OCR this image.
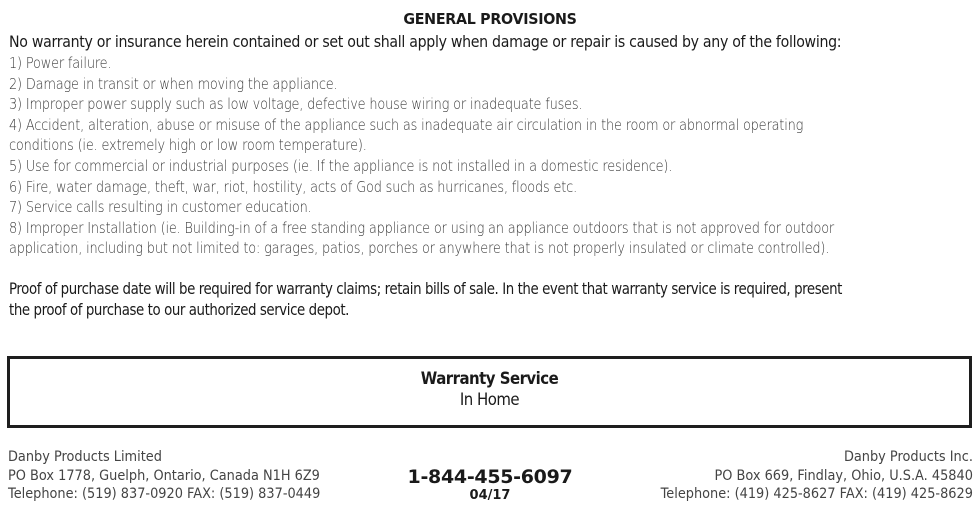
GENERAL PROVISIONS
No warranty or insurance herein contained or set out shall apply when damage or repair is caused by any of the following:
1) Power failure.
2) Damage in transit or when moving the appliance.
3) Improper power supply such as low voltage, defective house wiring or inadequate fuses.
4) Accident, alteration, abuse or misuse of the appliance such as inadequate air circulation in the room or abnormal operating
conditions (ie. extremely high or low room temperature).
5) Use for commercial or industrial purposes (ie. If the appliance is not installed in a domestic residence).
6) Fire, water damage, theft, war, riot, hostility, acts of God such as hurricanes, floods etc.
7) Service calls resulting in customer education.
8) Improper Installation (ie. Building-in of a free standing appliance or using an appliance outdoors that is not approved for outdoor
application, including but not limited to: garages, patios, porches or anywhere that is not properly insulated or climate controlled).
Proof of purchase date will be required for warranty claims; retain bills of sale. In the event that warranty service is required, present
the proof of purchase to our authorized service depot.
Warranty Service
In Home
Danby Products Limited
PO Box 1778, Guelph, Ontario, Canada N1H 6Z9
Telephone: (519) 837-0920 FAX: (519) 837-0449
1-844-455-6097
04/17
Danby Products Inc.
PO Box 669, Findlay, Ohio, U.S.A. 45840
Telephone: (419) 425-8627 FAX: (419) 425-8629
